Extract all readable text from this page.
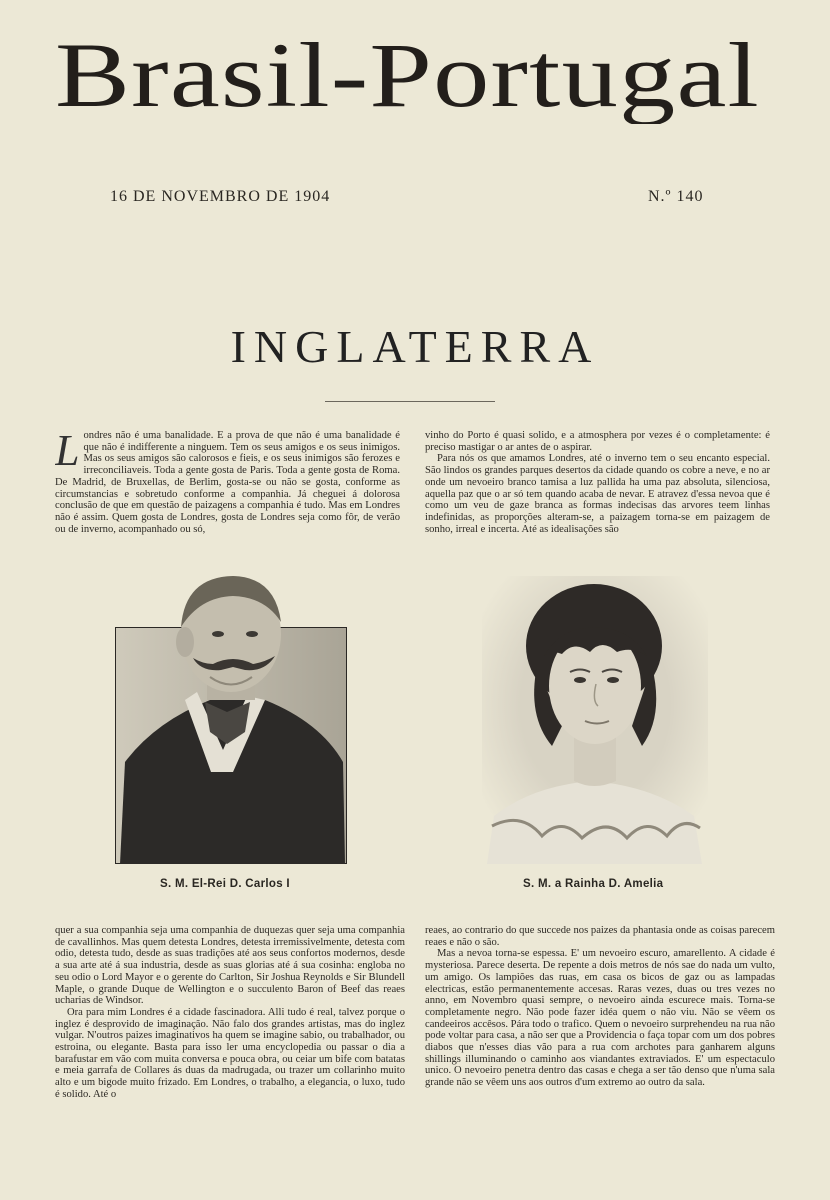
Brasil-Portugal
16 DE NOVEMBRO DE 1904	N.º 140
INGLATERRA

Londres não é uma banalidade. E a prova de que não é uma banalidade é que não é indifferente a ninguem. Tem os seus amigos e os seus inimigos. Mas os seus amigos são calorosos e fieis, e os seus inimigos são ferozes e irreconciliaveis. Toda a gente gosta de Paris. Toda a gente gosta de Roma. De Madrid, de Bruxellas, de Berlim, gosta-se ou não se gosta, conforme as circumstancias e sobretudo conforme a companhia. Já cheguei á dolorosa conclusão de que em questão de paizagens a companhia é tudo. Mas em Londres não é assim. Quem gosta de Londres, gosta de Londres seja como fôr, de verão ou de inverno, acompanhado ou só,

vinho do Porto é quasi solido, e a atmosphera por vezes é o completamente: é preciso mastigar o ar antes de o aspirar.

Para nós os que amamos Londres, até o inverno tem o seu encanto especial. São lindos os grandes parques desertos da cidade quando os cobre a neve, e no ar onde um nevoeiro branco tamisa a luz pallida ha uma paz absoluta, silenciosa, aquella paz que o ar só tem quando acaba de nevar. E atravez d'essa nevoa que é como um veu de gaze branca as formas indecisas das arvores teem linhas indefinidas, as proporções alteram-se, a paizagem torna-se em paizagem de sonho, irreal e incerta. Até as idealisações são

S. M. El-Rei D. Carlos I	S. M. a Rainha D. Amelia

quer a sua companhia seja uma companhia de duquezas quer seja uma companhia de cavallinhos. Mas quem detesta Londres, detesta irremissivelmente, detesta com odio, detesta tudo, desde as suas tradições até aos seus confortos modernos, desde a sua arte até á sua industria, desde as suas glorias até á sua cosinha: engloba no seu odio o Lord Mayor e o gerente do Carlton, Sir Joshua Reynolds e Sir Blundell Maple, o grande Duque de Wellington e o succulento Baron of Beef das reaes ucharias de Windsor.

Ora para mim Londres é a cidade fascinadora. Alli tudo é real, talvez porque o inglez é desprovido de imaginação. Não falo dos grandes artistas, mas do inglez vulgar. N'outros paizes imaginativos ha quem se imagine sabio, ou trabalhador, ou estroina, ou elegante. Basta para isso ler uma encyclopedia ou passar o dia a barafustar em vão com muita conversa e pouca obra, ou ceiar um bife com batatas e meia garrafa de Collares ás duas da madrugada, ou trazer um collarinho muito alto e um bigode muito frizado. Em Londres, o trabalho, a elegancia, o luxo, tudo é solido. Até o

reaes, ao contrario do que succede nos paizes da phantasia onde as coisas parecem reaes e não o são.

Mas a nevoa torna-se espessa. E' um nevoeiro escuro, amarellento. A cidade é mysteriosa. Parece deserta. De repente a dois metros de nós sae do nada um vulto, um amigo. Os lampiões das ruas, em casa os bicos de gaz ou as lampadas electricas, estão permanentemente accesas. Raras vezes, duas ou tres vezes no anno, em Novembro quasi sempre, o nevoeiro ainda escurece mais. Torna-se completamente negro. Não pode fazer idéa quem o não viu. Não se vêem os candeeiros accêsos. Pára todo o trafico. Quem o nevoeiro surprehendeu na rua não pode voltar para casa, a não ser que a Providencia o faça topar com um dos pobres diabos que n'esses dias vão para a rua com archotes para ganharem alguns shillings illuminando o caminho aos viandantes extraviados. E' um espectaculo unico. O nevoeiro penetra dentro das casas e chega a ser tão denso que n'uma sala grande não se vêem uns aos outros d'um extremo ao outro da sala.
